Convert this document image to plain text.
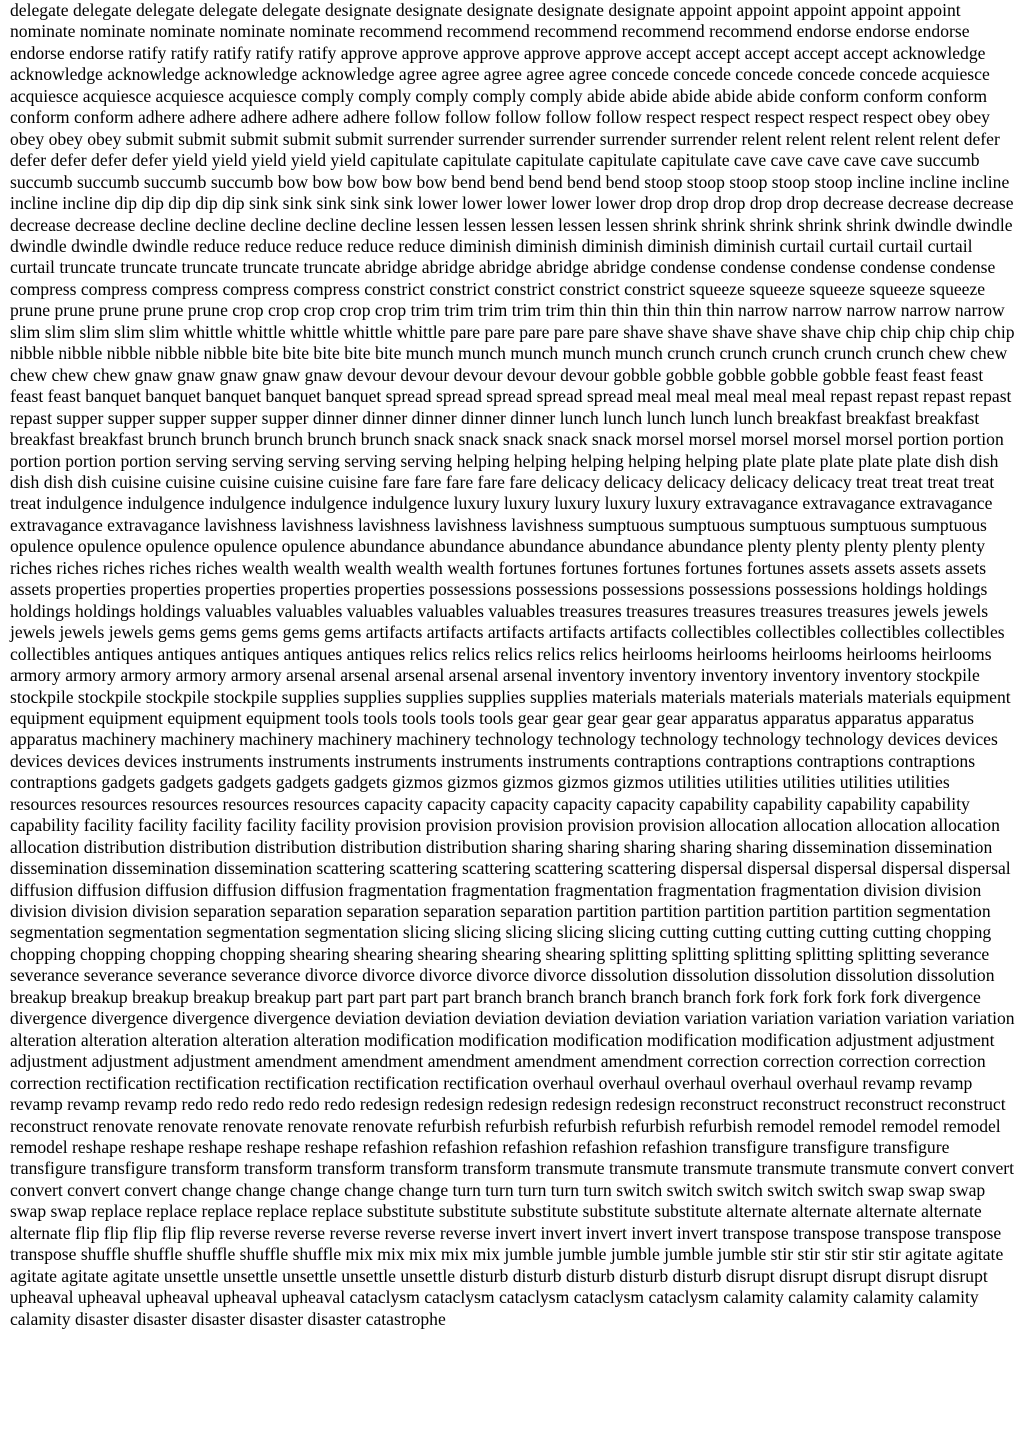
delegate delegate delegate delegate delegate designate designate designate designate designate appoint appoint appoint appoint appoint nominate nominate nominate nominate nominate recommend recommend recommend recommend recommend endorse endorse endorse endorse endorse ratify ratify ratify ratify ratify approve approve approve approve approve accept accept accept accept accept acknowledge acknowledge acknowledge acknowledge acknowledge agree agree agree agree agree concede concede concede concede concede acquiesce acquiesce acquiesce acquiesce acquiesce comply comply comply comply comply abide abide abide abide abide conform conform conform conform conform adhere adhere adhere adhere adhere follow follow follow follow follow respect respect respect respect respect obey obey obey obey obey submit submit submit submit submit surrender surrender surrender surrender surrender relent relent relent relent relent defer defer defer defer defer yield yield yield yield yield capitulate capitulate capitulate capitulate capitulate cave cave cave cave cave succumb succumb succumb succumb succumb bow bow bow bow bow bend bend bend bend bend stoop stoop stoop stoop stoop incline incline incline incline incline dip dip dip dip dip sink sink sink sink sink lower lower lower lower lower drop drop drop drop drop decrease decrease decrease decrease decrease decline decline decline decline decline lessen lessen lessen lessen lessen shrink shrink shrink shrink shrink dwindle dwindle dwindle dwindle dwindle reduce reduce reduce reduce reduce diminish diminish diminish diminish diminish curtail curtail curtail curtail curtail truncate truncate truncate truncate truncate abridge abridge abridge abridge abridge condense condense condense condense condense compress compress compress compress compress constrict constrict constrict constrict constrict squeeze squeeze squeeze squeeze squeeze prune prune prune prune prune crop crop crop crop crop trim trim trim trim trim thin thin thin thin thin narrow narrow narrow narrow narrow slim slim slim slim slim whittle whittle whittle whittle whittle pare pare pare pare pare shave shave shave shave shave chip chip chip chip chip nibble nibble nibble nibble nibble bite bite bite bite bite munch munch munch munch munch crunch crunch crunch crunch crunch chew chew chew chew chew gnaw gnaw gnaw gnaw gnaw devour devour devour devour devour gobble gobble gobble gobble gobble feast feast feast feast feast banquet banquet banquet banquet banquet spread spread spread spread spread meal meal meal meal meal repast repast repast repast repast supper supper supper supper supper dinner dinner dinner dinner dinner lunch lunch lunch lunch lunch breakfast breakfast breakfast breakfast breakfast brunch brunch brunch brunch brunch snack snack snack snack snack morsel morsel morsel morsel morsel portion portion portion portion portion serving serving serving serving serving helping helping helping helping helping plate plate plate plate plate dish dish dish dish dish cuisine cuisine cuisine cuisine cuisine fare fare fare fare fare delicacy delicacy delicacy delicacy delicacy treat treat treat treat treat indulgence indulgence indulgence indulgence indulgence luxury luxury luxury luxury luxury extravagance extravagance extravagance extravagance extravagance lavishness lavishness lavishness lavishness lavishness sumptuous sumptuous sumptuous sumptuous sumptuous opulence opulence opulence opulence opulence abundance abundance abundance abundance abundance plenty plenty plenty plenty plenty riches riches riches riches riches wealth wealth wealth wealth wealth fortunes fortunes fortunes fortunes fortunes assets assets assets assets assets properties properties properties properties properties possessions possessions possessions possessions possessions holdings holdings holdings holdings holdings valuables valuables valuables valuables valuables treasures treasures treasures treasures treasures jewels jewels jewels jewels jewels gems gems gems gems gems artifacts artifacts artifacts artifacts artifacts collectibles collectibles collectibles collectibles collectibles antiques antiques antiques antiques antiques relics relics relics relics relics heirlooms heirlooms heirlooms heirlooms heirlooms armory armory armory armory armory arsenal arsenal arsenal arsenal arsenal inventory inventory inventory inventory inventory stockpile stockpile stockpile stockpile stockpile supplies supplies supplies supplies supplies materials materials materials materials materials equipment equipment equipment equipment equipment tools tools tools tools tools gear gear gear gear gear apparatus apparatus apparatus apparatus apparatus machinery machinery machinery machinery machinery technology technology technology technology technology devices devices devices devices devices instruments instruments instruments instruments instruments contraptions contraptions contraptions contraptions contraptions gadgets gadgets gadgets gadgets gadgets gizmos gizmos gizmos gizmos gizmos utilities utilities utilities utilities utilities resources resources resources resources resources capacity capacity capacity capacity capacity capability capability capability capability capability facility facility facility facility facility provision provision provision provision provision allocation allocation allocation allocation allocation distribution distribution distribution distribution distribution sharing sharing sharing sharing sharing dissemination dissemination dissemination dissemination dissemination scattering scattering scattering scattering scattering dispersal dispersal dispersal dispersal dispersal diffusion diffusion diffusion diffusion diffusion fragmentation fragmentation fragmentation fragmentation fragmentation division division division division division separation separation separation separation separation partition partition partition partition partition segmentation segmentation segmentation segmentation segmentation slicing slicing slicing slicing slicing cutting cutting cutting cutting cutting chopping chopping chopping chopping chopping shearing shearing shearing shearing shearing splitting splitting splitting splitting splitting severance severance severance severance severance divorce divorce divorce divorce divorce dissolution dissolution dissolution dissolution dissolution breakup breakup breakup breakup breakup part part part part part branch branch branch branch branch fork fork fork fork fork divergence divergence divergence divergence divergence deviation deviation deviation deviation deviation variation variation variation variation variation alteration alteration alteration alteration alteration modification modification modification modification modification adjustment adjustment adjustment adjustment adjustment amendment amendment amendment amendment amendment correction correction correction correction correction rectification rectification rectification rectification rectification overhaul overhaul overhaul overhaul overhaul revamp revamp revamp revamp revamp redo redo redo redo redo redesign redesign redesign redesign redesign reconstruct reconstruct reconstruct reconstruct reconstruct renovate renovate renovate renovate renovate refurbish refurbish refurbish refurbish refurbish remodel remodel remodel remodel remodel reshape reshape reshape reshape reshape refashion refashion refashion refashion refashion transfigure transfigure transfigure transfigure transfigure transform transform transform transform transform transmute transmute transmute transmute transmute convert convert convert convert convert change change change change change turn turn turn turn turn switch switch switch switch switch swap swap swap swap swap replace replace replace replace replace substitute substitute substitute substitute substitute alternate alternate alternate alternate alternate flip flip flip flip flip reverse reverse reverse reverse reverse invert invert invert invert invert transpose transpose transpose transpose transpose shuffle shuffle shuffle shuffle shuffle mix mix mix mix mix jumble jumble jumble jumble jumble stir stir stir stir stir agitate agitate agitate agitate agitate unsettle unsettle unsettle unsettle unsettle disturb disturb disturb disturb disturb disrupt disrupt disrupt disrupt disrupt upheaval upheaval upheaval upheaval upheaval cataclysm cataclysm cataclysm cataclysm cataclysm calamity calamity calamity calamity calamity disaster disaster disaster disaster disaster catastrophe
